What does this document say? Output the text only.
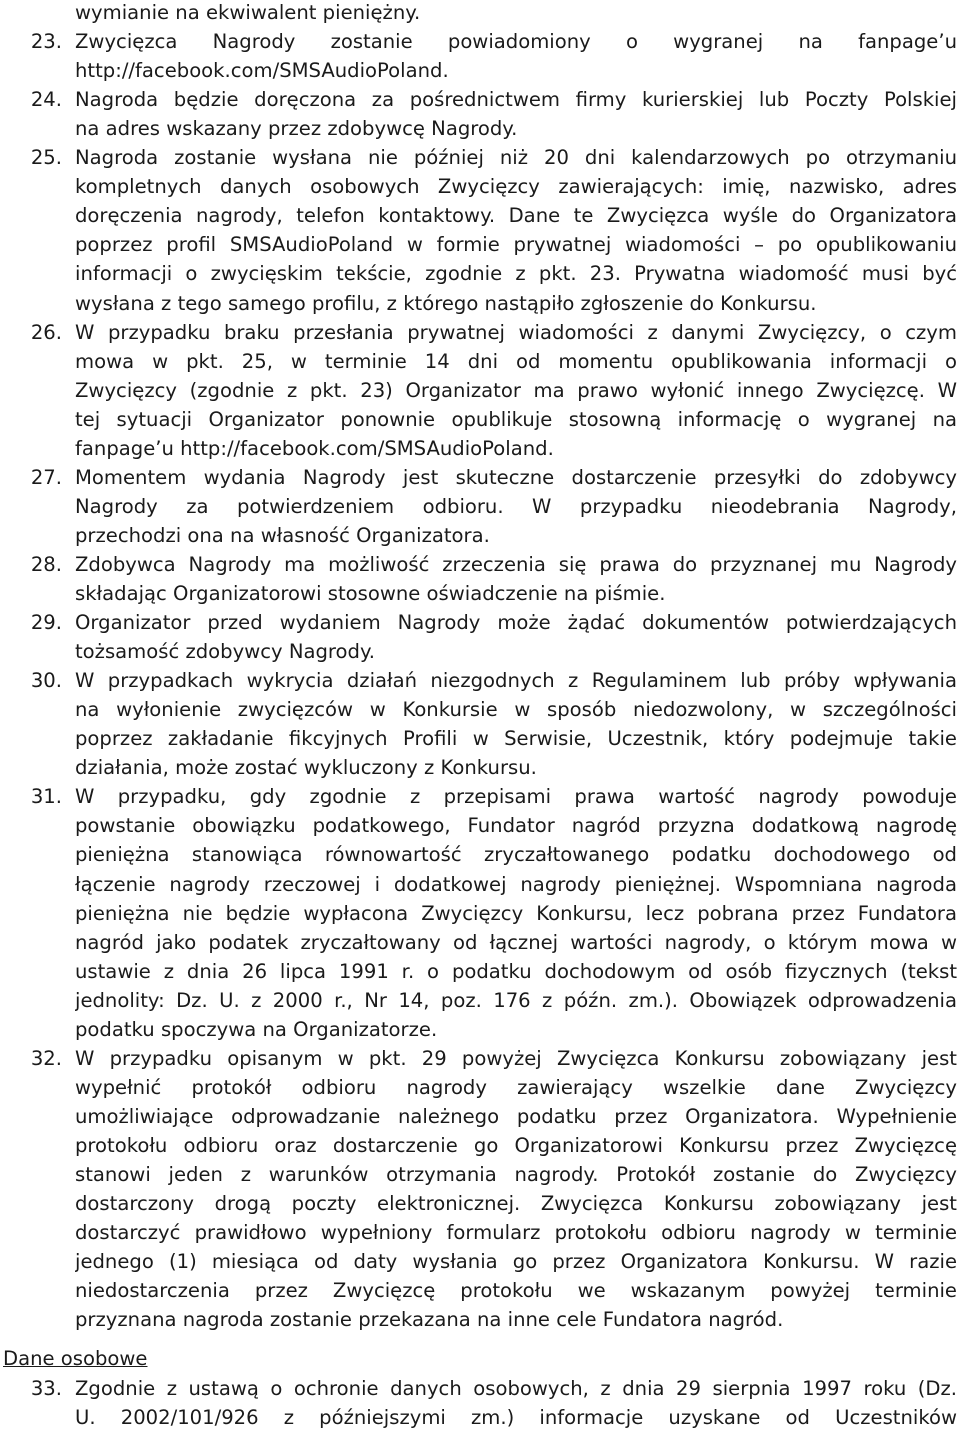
wymianie na ekwiwalent pieniężny.
23. Zwycięzca Nagrody zostanie powiadomiony o wygranej na fanpage’u
http://facebook.com/SMSAudioPoland.
24. Nagroda będzie doręczona za pośrednictwem firmy kurierskiej lub Poczty Polskiej
na adres wskazany przez zdobywcę Nagrody.
25. Nagroda zostanie wysłana nie później niż 20 dni kalendarzowych po otrzymaniu
kompletnych danych osobowych Zwycięzcy zawierających: imię, nazwisko, adres
doręczenia nagrody, telefon kontaktowy. Dane te Zwycięzca wyśle do Organizatora
poprzez profil SMSAudioPoland w formie prywatnej wiadomości – po opublikowaniu
informacji o zwycięskim tekście, zgodnie z pkt. 23. Prywatna wiadomość musi być
wysłana z tego samego profilu, z którego nastąpiło zgłoszenie do Konkursu.
26. W przypadku braku przesłania prywatnej wiadomości z danymi Zwycięzcy, o czym
mowa w pkt. 25, w terminie 14 dni od momentu opublikowania informacji o
Zwycięzcy (zgodnie z pkt. 23) Organizator ma prawo wyłonić innego Zwycięzcę. W
tej sytuacji Organizator ponownie opublikuje stosowną informację o wygranej na
fanpage’u http://facebook.com/SMSAudioPoland.
27. Momentem wydania Nagrody jest skuteczne dostarczenie przesyłki do zdobywcy
Nagrody za potwierdzeniem odbioru. W przypadku nieodebrania Nagrody,
przechodzi ona na własność Organizatora.
28. Zdobywca Nagrody ma możliwość zrzeczenia się prawa do przyznanej mu Nagrody
składając Organizatorowi stosowne oświadczenie na piśmie.
29. Organizator przed wydaniem Nagrody może żądać dokumentów potwierdzających
tożsamość zdobywcy Nagrody.
30. W przypadkach wykrycia działań niezgodnych z Regulaminem lub próby wpływania
na wyłonienie zwycięzców w Konkursie w sposób niedozwolony, w szczególności
poprzez zakładanie fikcyjnych Profili w Serwisie, Uczestnik, który podejmuje takie
działania, może zostać wykluczony z Konkursu.
31. W przypadku, gdy zgodnie z przepisami prawa wartość nagrody powoduje
powstanie obowiązku podatkowego, Fundator nagród przyzna dodatkową nagrodę
pieniężna stanowiąca równowartość zryczałtowanego podatku dochodowego od
łączenie nagrody rzeczowej i dodatkowej nagrody pieniężnej. Wspomniana nagroda
pieniężna nie będzie wypłacona Zwycięzcy Konkursu, lecz pobrana przez Fundatora
nagród jako podatek zryczałtowany od łącznej wartości nagrody, o którym mowa w
ustawie z dnia 26 lipca 1991 r. o podatku dochodowym od osób fizycznych (tekst
jednolity: Dz. U. z 2000 r., Nr 14, poz. 176 z późn. zm.). Obowiązek odprowadzenia
podatku spoczywa na Organizatorze.
32. W przypadku opisanym w pkt. 29 powyżej Zwycięzca Konkursu zobowiązany jest
wypełnić protokół odbioru nagrody zawierający wszelkie dane Zwycięzcy
umożliwiające odprowadzanie należnego podatku przez Organizatora. Wypełnienie
protokołu odbioru oraz dostarczenie go Organizatorowi Konkursu przez Zwycięzcę
stanowi jeden z warunków otrzymania nagrody. Protokół zostanie do Zwycięzcy
dostarczony drogą poczty elektronicznej. Zwycięzca Konkursu zobowiązany jest
dostarczyć prawidłowo wypełniony formularz protokołu odbioru nagrody w terminie
jednego (1) miesiąca od daty wysłania go przez Organizatora Konkursu. W razie
niedostarczenia przez Zwycięzcę protokołu we wskazanym powyżej terminie
przyznana nagroda zostanie przekazana na inne cele Fundatora nagród.
Dane osobowe
33. Zgodnie z ustawą o ochronie danych osobowych, z dnia 29 sierpnia 1997 roku (Dz.
U. 2002/101/926 z późniejszymi zm.) informacje uzyskane od Uczestników
